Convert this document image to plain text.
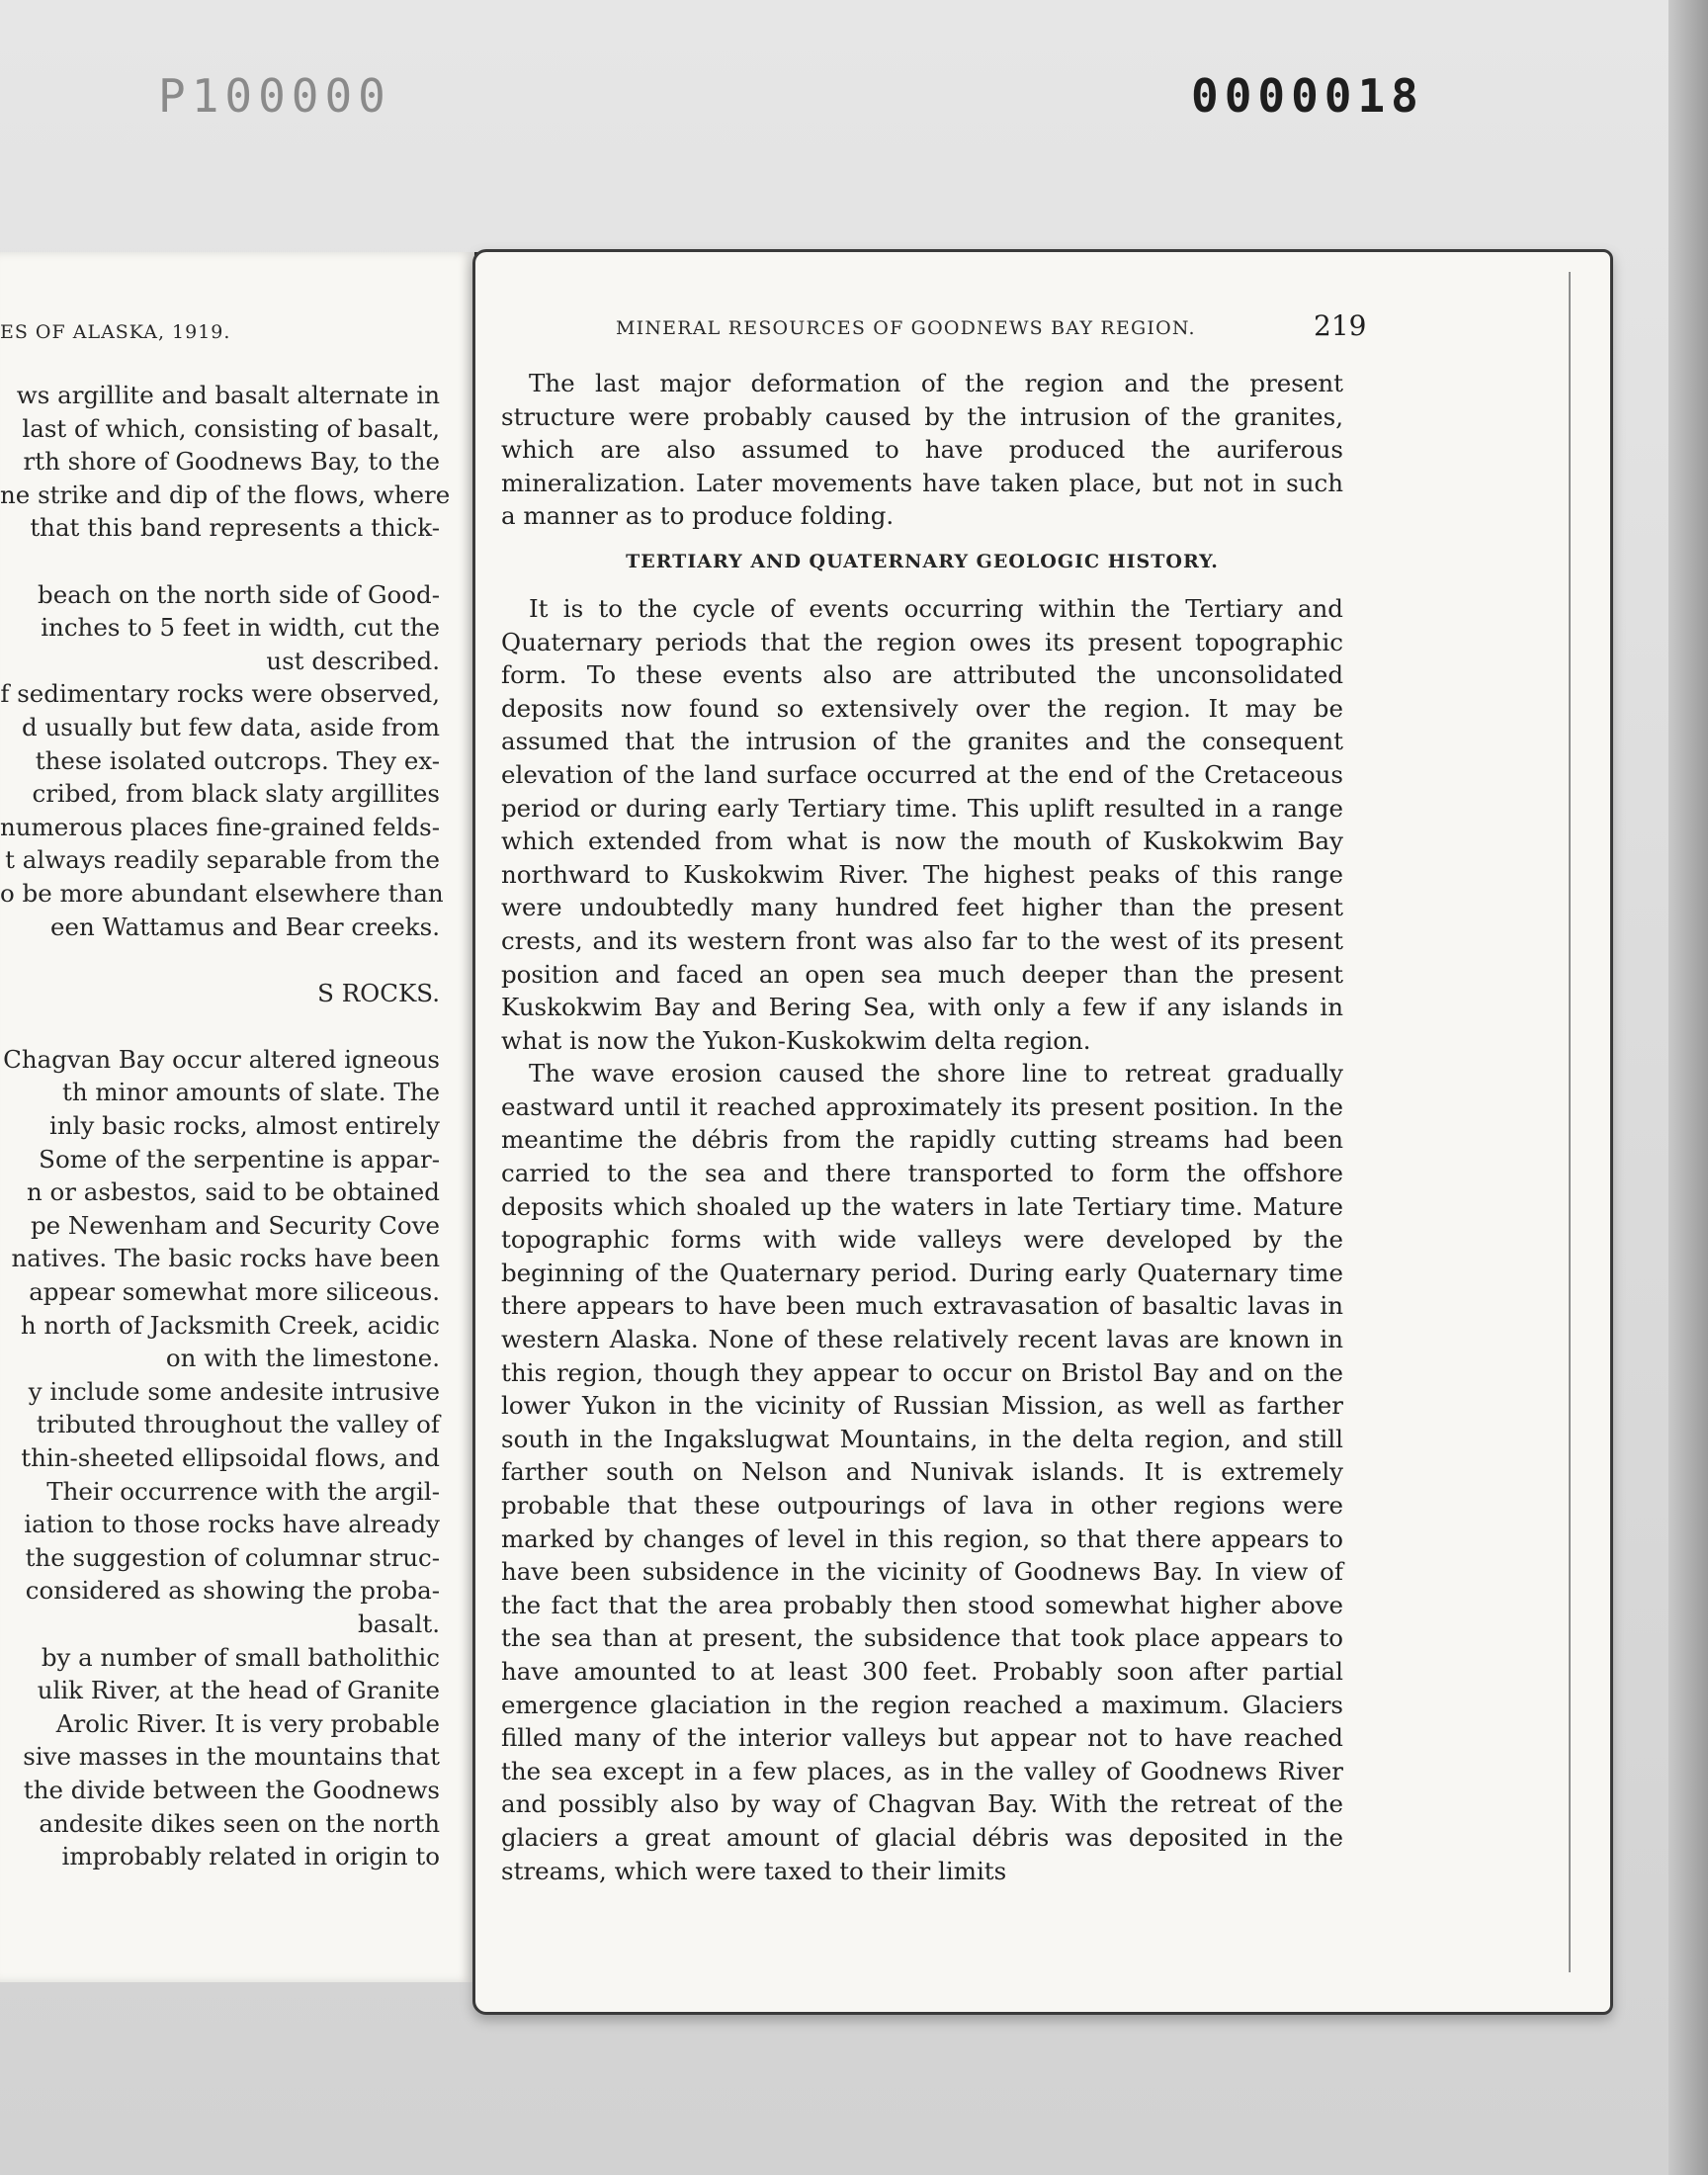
P100000	0000018
ES OF ALASKA, 1919.
ws argillite and basalt alternate in
last of which, consisting of basalt,
rth shore of Goodnews Bay, to the
ne strike and dip of the flows, where
that this band represents a thick-

beach on the north side of Good-
inches to 5 feet in width, cut the
ust described.
f sedimentary rocks were observed,
d usually but few data, aside from
these isolated outcrops. They ex-
cribed, from black slaty argillites
numerous places fine-grained felds-
t always readily separable from the
o be more abundant elsewhere than
een Wattamus and Bear creeks.

S ROCKS.

Chagvan Bay occur altered igneous
th minor amounts of slate. The
inly basic rocks, almost entirely
Some of the serpentine is appar-
n or asbestos, said to be obtained
pe Newenham and Security Cove
natives. The basic rocks have been
appear somewhat more siliceous.
h north of Jacksmith Creek, acidic
on with the limestone.
y include some andesite intrusive
tributed throughout the valley of
thin-sheeted ellipsoidal flows, and
Their occurrence with the argil-
iation to those rocks have already
the suggestion of columnar struc-
considered as showing the proba-
basalt.
by a number of small batholithic
ulik River, at the head of Granite
Arolic River. It is very probable
sive masses in the mountains that
the divide between the Goodnews
andesite dikes seen on the north
improbably related in origin to
MINERAL RESOURCES OF GOODNEWS BAY REGION.	219

The last major deformation of the region and the present structure were probably caused by the intrusion of the granites, which are also assumed to have produced the auriferous mineralization. Later movements have taken place, but not in such a manner as to produce folding.

TERTIARY AND QUATERNARY GEOLOGIC HISTORY.

It is to the cycle of events occurring within the Tertiary and Quaternary periods that the region owes its present topographic form. To these events also are attributed the unconsolidated deposits now found so extensively over the region. It may be assumed that the intrusion of the granites and the consequent elevation of the land surface occurred at the end of the Cretaceous period or during early Tertiary time. This uplift resulted in a range which extended from what is now the mouth of Kuskokwim Bay northward to Kuskokwim River. The highest peaks of this range were undoubtedly many hundred feet higher than the present crests, and its western front was also far to the west of its present position and faced an open sea much deeper than the present Kuskokwim Bay and Bering Sea, with only a few if any islands in what is now the Yukon-Kuskokwim delta region.

The wave erosion caused the shore line to retreat gradually eastward until it reached approximately its present position. In the meantime the débris from the rapidly cutting streams had been carried to the sea and there transported to form the offshore deposits which shoaled up the waters in late Tertiary time. Mature topographic forms with wide valleys were developed by the beginning of the Quaternary period. During early Quaternary time there appears to have been much extravasation of basaltic lavas in western Alaska. None of these relatively recent lavas are known in this region, though they appear to occur on Bristol Bay and on the lower Yukon in the vicinity of Russian Mission, as well as farther south in the Ingakslugwat Mountains, in the delta region, and still farther south on Nelson and Nunivak islands. It is extremely probable that these outpourings of lava in other regions were marked by changes of level in this region, so that there appears to have been subsidence in the vicinity of Goodnews Bay. In view of the fact that the area probably then stood somewhat higher above the sea than at present, the subsidence that took place appears to have amounted to at least 300 feet. Probably soon after partial emergence glaciation in the region reached a maximum. Glaciers filled many of the interior valleys but appear not to have reached the sea except in a few places, as in the valley of Goodnews River and possibly also by way of Chagvan Bay. With the retreat of the glaciers a great amount of glacial débris was deposited in the streams, which were taxed to their limits
